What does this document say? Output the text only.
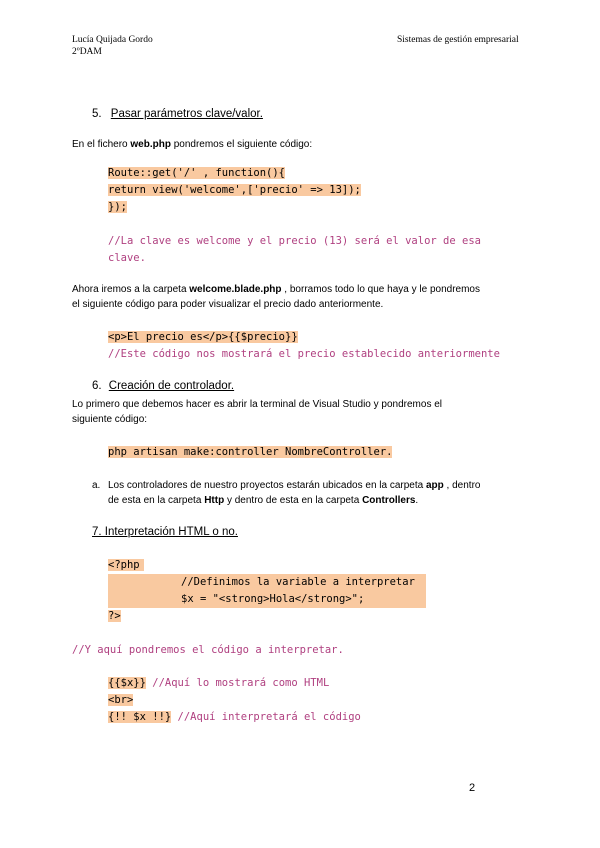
Lucía Quijada Gordo
2ºDAM
Sistemas de gestión empresarial
5. Pasar parámetros clave/valor.
En el fichero web.php pondremos el siguiente código:
Route::get('/' , function(){
return view('welcome',['precio' => 13]);
});
//La clave es welcome y el precio (13) será el valor de esa
clave.
Ahora iremos a la carpeta welcome.blade.php , borramos todo lo que haya y le pondremos
el siguiente código para poder visualizar el precio dado anteriormente.
<p>El precio es</p>{{$precio}}
//Este código nos mostrará el precio establecido anteriormente
6. Creación de controlador.
Lo primero que debemos hacer es abrir la terminal de Visual Studio y pondremos el
siguiente código:
php artisan make:controller NombreController.
a. Los controladores de nuestro proyectos estarán ubicados en la carpeta app , dentro
de esta en la carpeta Http y dentro de esta en la carpeta Controllers.
7. Interpretación HTML o no.
<?php
//Definimos la variable a interpretar
$x = "<strong>Hola</strong>";
?>
//Y aquí pondremos el código a interpretar.
{{$x}} //Aquí lo mostrará como HTML
<br>
{!! $x !!} //Aquí interpretará el código
2
